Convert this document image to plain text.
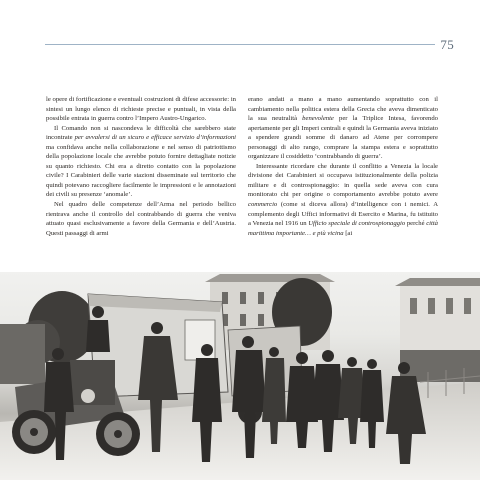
75

le opere di fortificazione e eventuali costruzioni di difese accessorie: in sintesi un lungo elenco di richieste precise e puntuali, in vista della possibile entrata in guerra contro l’Impero Austro-Ungarico.

Il Comando non si nascondeva le difficoltà che sarebbero state incontrate per avvalersi di un sicuro e efficace servizio d’informazioni ma confidava anche nella collaborazione e nel senso di patriottismo della popolazione locale che avrebbe potuto fornire dettagliate notizie su quanto richiesto. Chi era a diretto contatto con la popolazione civile? I Carabinieri delle varie stazioni disseminate sul territorio che quindi potevano raccogliere facilmente le impressioni e le annotazioni dei civili su presenze ‘anomale’.

Nel quadro delle competenze dell’Arma nel periodo bellico rientrava anche il controllo del contrabbando di guerra che veniva attuato quasi esclusivamente a favore della Germania e dell’Austria. Questi passaggi di armi

erano andati a mano a mano aumentando soprattutto con il cambiamento nella politica estera della Grecia che aveva dimenticato la sua neutralità benevolente per la Triplice Intesa, favorendo apertamente per gli Imperi centrali e quindi la Germania aveva iniziato a spendere grandi somme di danaro ad Atene per corrompere personaggi di alto rango, comprare la stampa estera e soprattutto organizzare il cosiddetto ‘contrabbando di guerra’.

Interessante ricordare che durante il conflitto a Venezia la locale divisione dei Carabinieri si occupava istituzionalmente della polizia militare e di controspionaggio: in quella sede aveva con cura monitorato chi per origine o comportamento avrebbe potuto avere commercio (come si diceva allora) d’intelligence con i nemici. A complemento degli Uffici informativi di Esercito e Marina, fu istituito a Venezia nel 1916 un Ufficio speciale di controspionaggio perché città marittima importante… e più vicina [ai
